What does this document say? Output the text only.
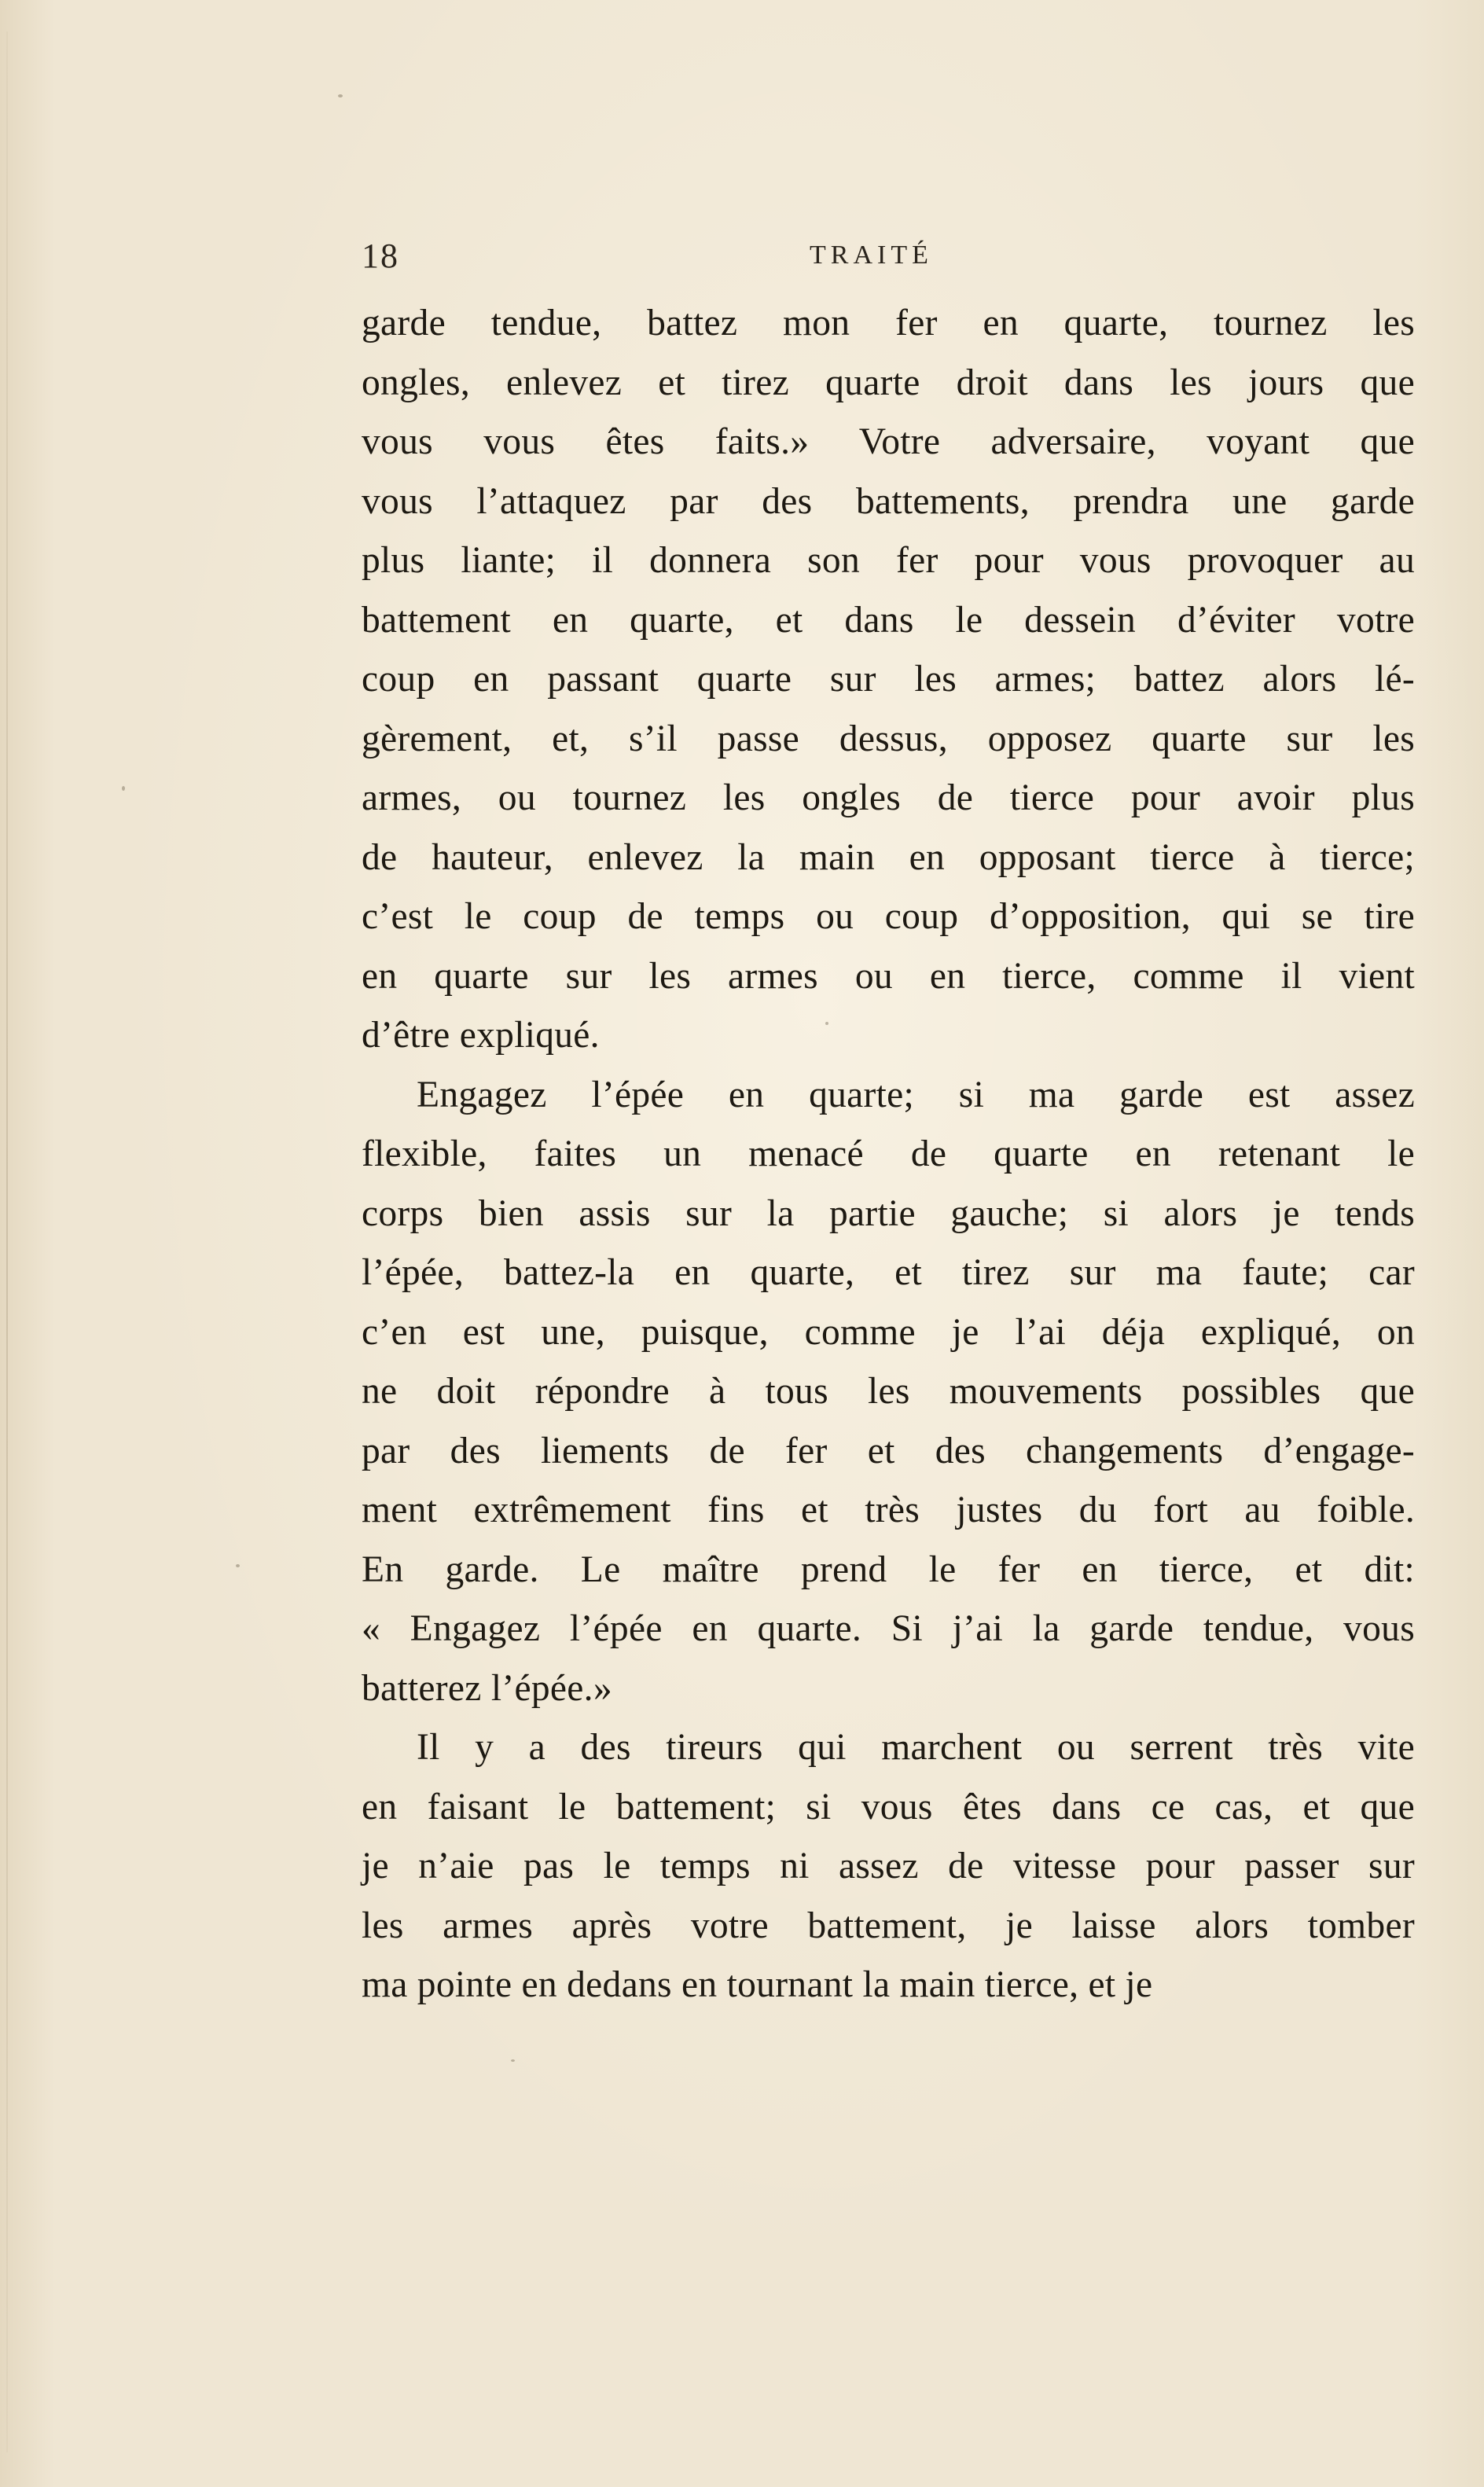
18	TRAITÉ
garde tendue, battez mon fer en quarte, tournez les
ongles, enlevez et tirez quarte droit dans les jours que
vous vous êtes faits.» Votre adversaire, voyant que
vous l’attaquez par des battements, prendra une garde
plus liante; il donnera son fer pour vous provoquer au
battement en quarte, et dans le dessein d’éviter votre
coup en passant quarte sur les armes; battez alors lé-
gèrement, et, s’il passe dessus, opposez quarte sur les
armes, ou tournez les ongles de tierce pour avoir plus
de hauteur, enlevez la main en opposant tierce à tierce;
c’est le coup de temps ou coup d’opposition, qui se tire
en quarte sur les armes ou en tierce, comme il vient
d’être expliqué.
Engagez l’épée en quarte; si ma garde est assez
flexible, faites un menacé de quarte en retenant le
corps bien assis sur la partie gauche; si alors je tends
l’épée, battez-la en quarte, et tirez sur ma faute; car
c’en est une, puisque, comme je l’ai déja expliqué, on
ne doit répondre à tous les mouvements possibles que
par des liements de fer et des changements d’engage-
ment extrêmement fins et très justes du fort au foible.
En garde. Le maître prend le fer en tierce, et dit:
« Engagez l’épée en quarte. Si j’ai la garde tendue, vous
batterez l’épée.»
Il y a des tireurs qui marchent ou serrent très vite
en faisant le battement; si vous êtes dans ce cas, et que
je n’aie pas le temps ni assez de vitesse pour passer sur
les armes après votre battement, je laisse alors tomber
ma pointe en dedans en tournant la main tierce, et je
